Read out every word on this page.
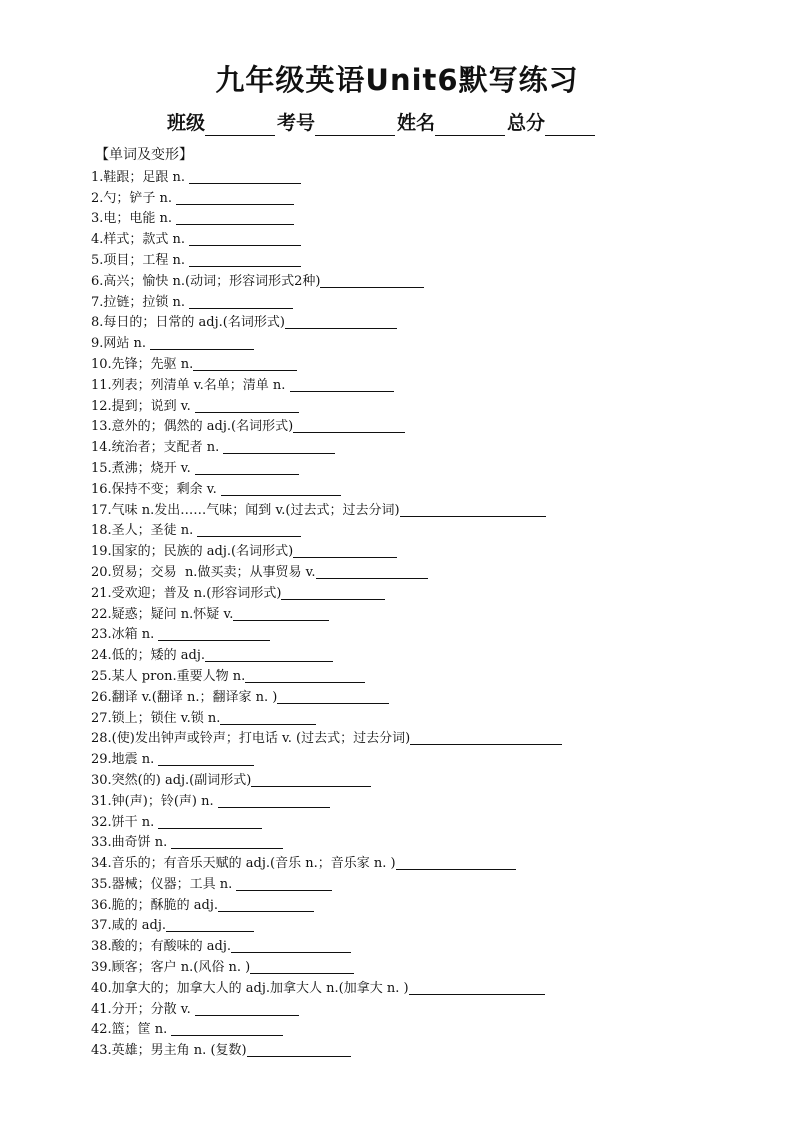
九年级英语Unit6默写练习
班级	考号	姓名	总分
【单词及变形】
1.鞋跟；足跟 n.
2.勺；铲子 n.
3.电；电能 n.
4.样式；款式 n.
5.项目；工程 n.
6.高兴；愉快 n.(动词；形容词形式2种)
7.拉链；拉锁 n.
8.每日的；日常的 adj.(名词形式)
9.网站 n.
10.先锋；先驱 n.
11.列表；列清单 v.名单；清单 n.
12.提到；说到 v.
13.意外的；偶然的 adj.(名词形式)
14.统治者；支配者 n.
15.煮沸；烧开 v.
16.保持不变；剩余 v.
17.气味 n.发出……气味；闻到 v.(过去式；过去分词)
18.圣人；圣徒 n.
19.国家的；民族的 adj.(名词形式)
20.贸易；交易  n.做买卖；从事贸易 v.
21.受欢迎；普及 n.(形容词形式)
22.疑惑；疑问 n.怀疑 v.
23.冰箱 n.
24.低的；矮的 adj.
25.某人 pron.重要人物 n.
26.翻译 v.(翻译 n.；翻译家 n. )
27.锁上；锁住 v.锁 n.
28.(使)发出钟声或铃声；打电话 v. (过去式；过去分词)
29.地震 n.
30.突然(的) adj.(副词形式)
31.钟(声)；铃(声) n.
32.饼干 n.
33.曲奇饼 n.
34.音乐的；有音乐天赋的 adj.(音乐 n.；音乐家 n. )
35.器械；仪器；工具 n.
36.脆的；酥脆的 adj.
37.咸的 adj.
38.酸的；有酸味的 adj.
39.顾客；客户 n.(风俗 n. )
40.加拿大的；加拿大人的 adj.加拿大人 n.(加拿大 n. )
41.分开；分散 v.
42.篮；筐 n.
43.英雄；男主角 n. (复数)
